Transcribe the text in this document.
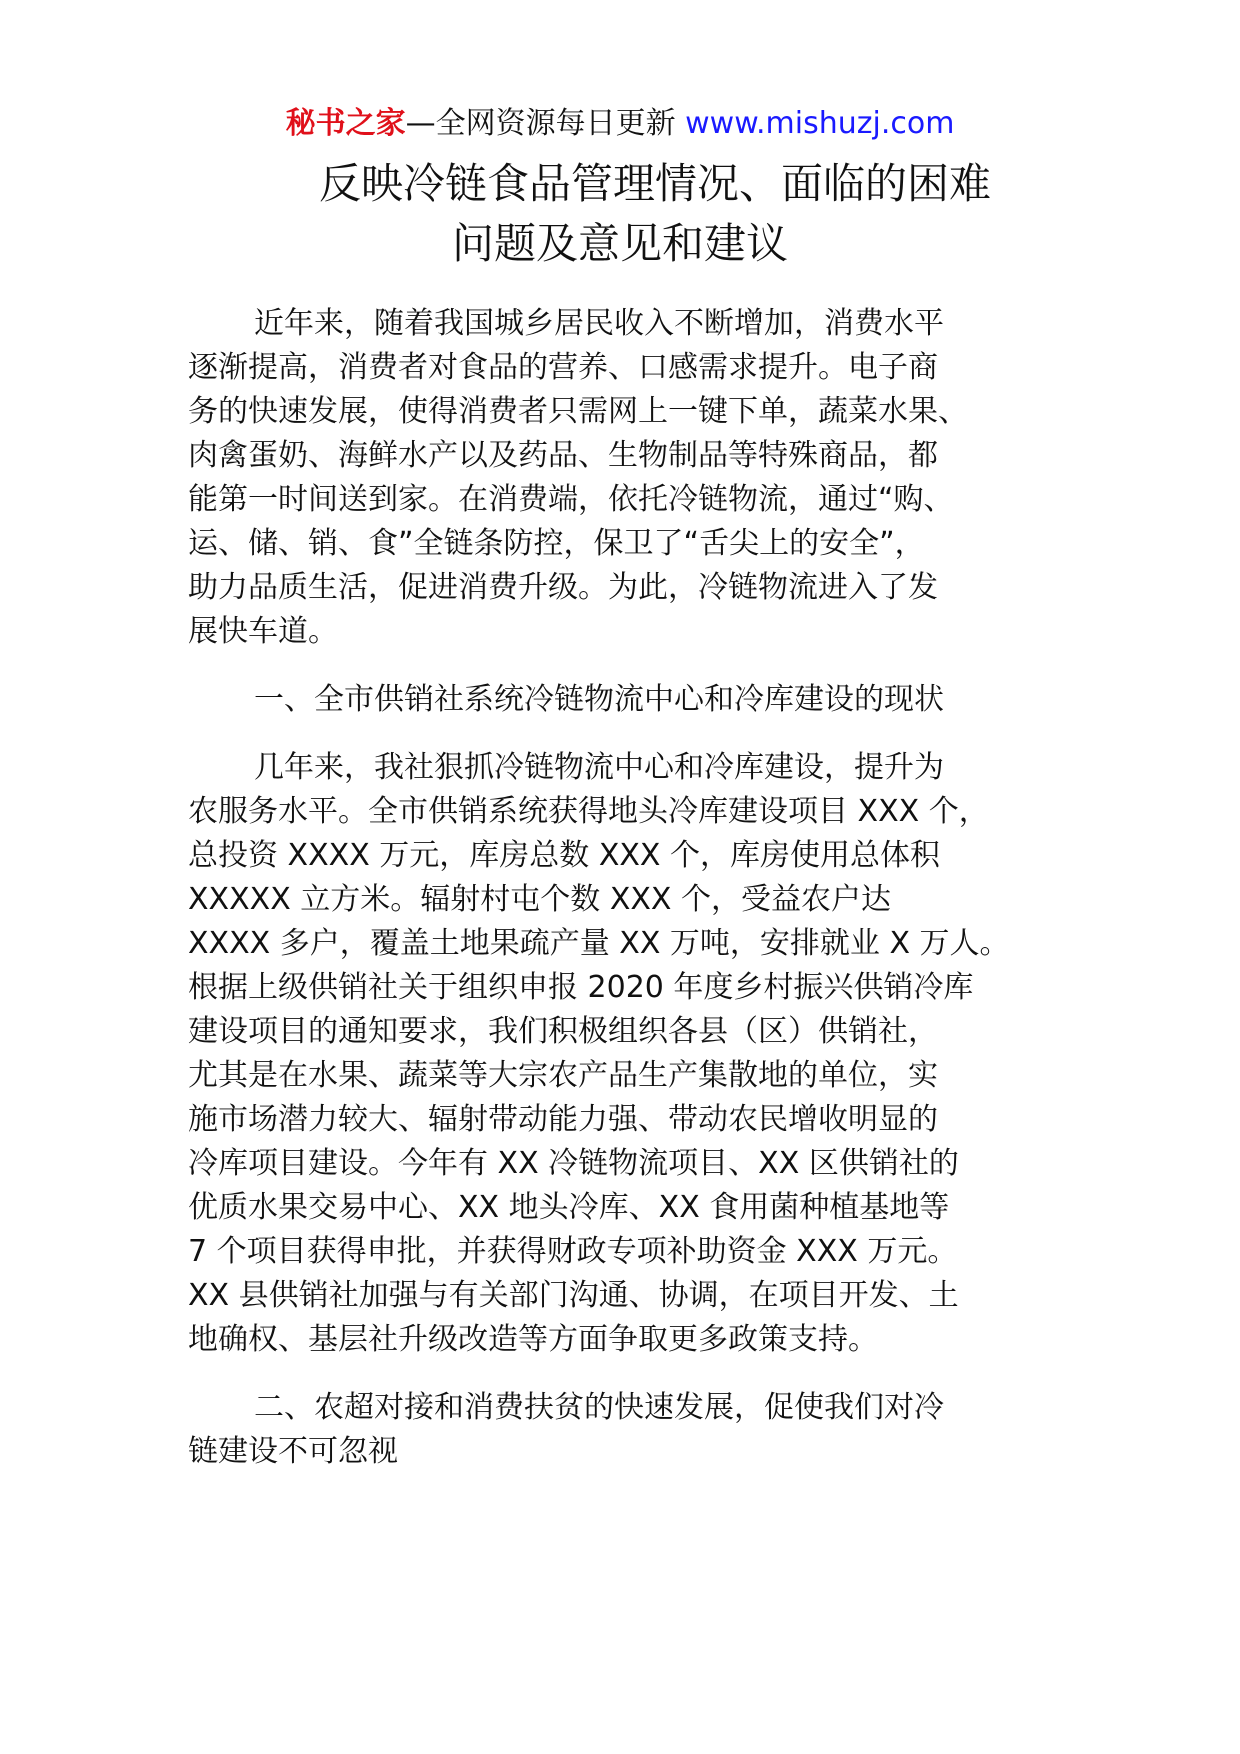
秘书之家—全网资源每日更新 www.mishuzj.com
反映冷链食品管理情况、面临的困难
问题及意见和建议
近年来，随着我国城乡居民收入不断增加，消费水平
逐渐提高，消费者对食品的营养、口感需求提升。电子商
务的快速发展，使得消费者只需网上一键下单，蔬菜水果、
肉禽蛋奶、海鲜水产以及药品、生物制品等特殊商品，都
能第一时间送到家。在消费端，依托冷链物流，通过“购、
运、储、销、食”全链条防控，保卫了“舌尖上的安全”，
助力品质生活，促进消费升级。为此，冷链物流进入了发
展快车道。
一、全市供销社系统冷链物流中心和冷库建设的现状
几年来，我社狠抓冷链物流中心和冷库建设，提升为
农服务水平。全市供销系统获得地头冷库建设项目 XXX 个，
总投资 XXXX 万元，库房总数 XXX 个，库房使用总体积
XXXXX 立方米。辐射村屯个数 XXX 个，受益农户达
XXXX 多户，覆盖土地果疏产量 XX 万吨，安排就业 X 万人。
根据上级供销社关于组织申报 2020 年度乡村振兴供销冷库
建设项目的通知要求，我们积极组织各县（区）供销社，
尤其是在水果、蔬菜等大宗农产品生产集散地的单位，实
施市场潜力较大、辐射带动能力强、带动农民增收明显的
冷库项目建设。今年有 XX 冷链物流项目、XX 区供销社的
优质水果交易中心、XX 地头冷库、XX 食用菌种植基地等
7 个项目获得申批，并获得财政专项补助资金 XXX 万元。
XX 县供销社加强与有关部门沟通、协调，在项目开发、土
地确权、基层社升级改造等方面争取更多政策支持。
二、农超对接和消费扶贫的快速发展，促使我们对冷
链建设不可忽视
